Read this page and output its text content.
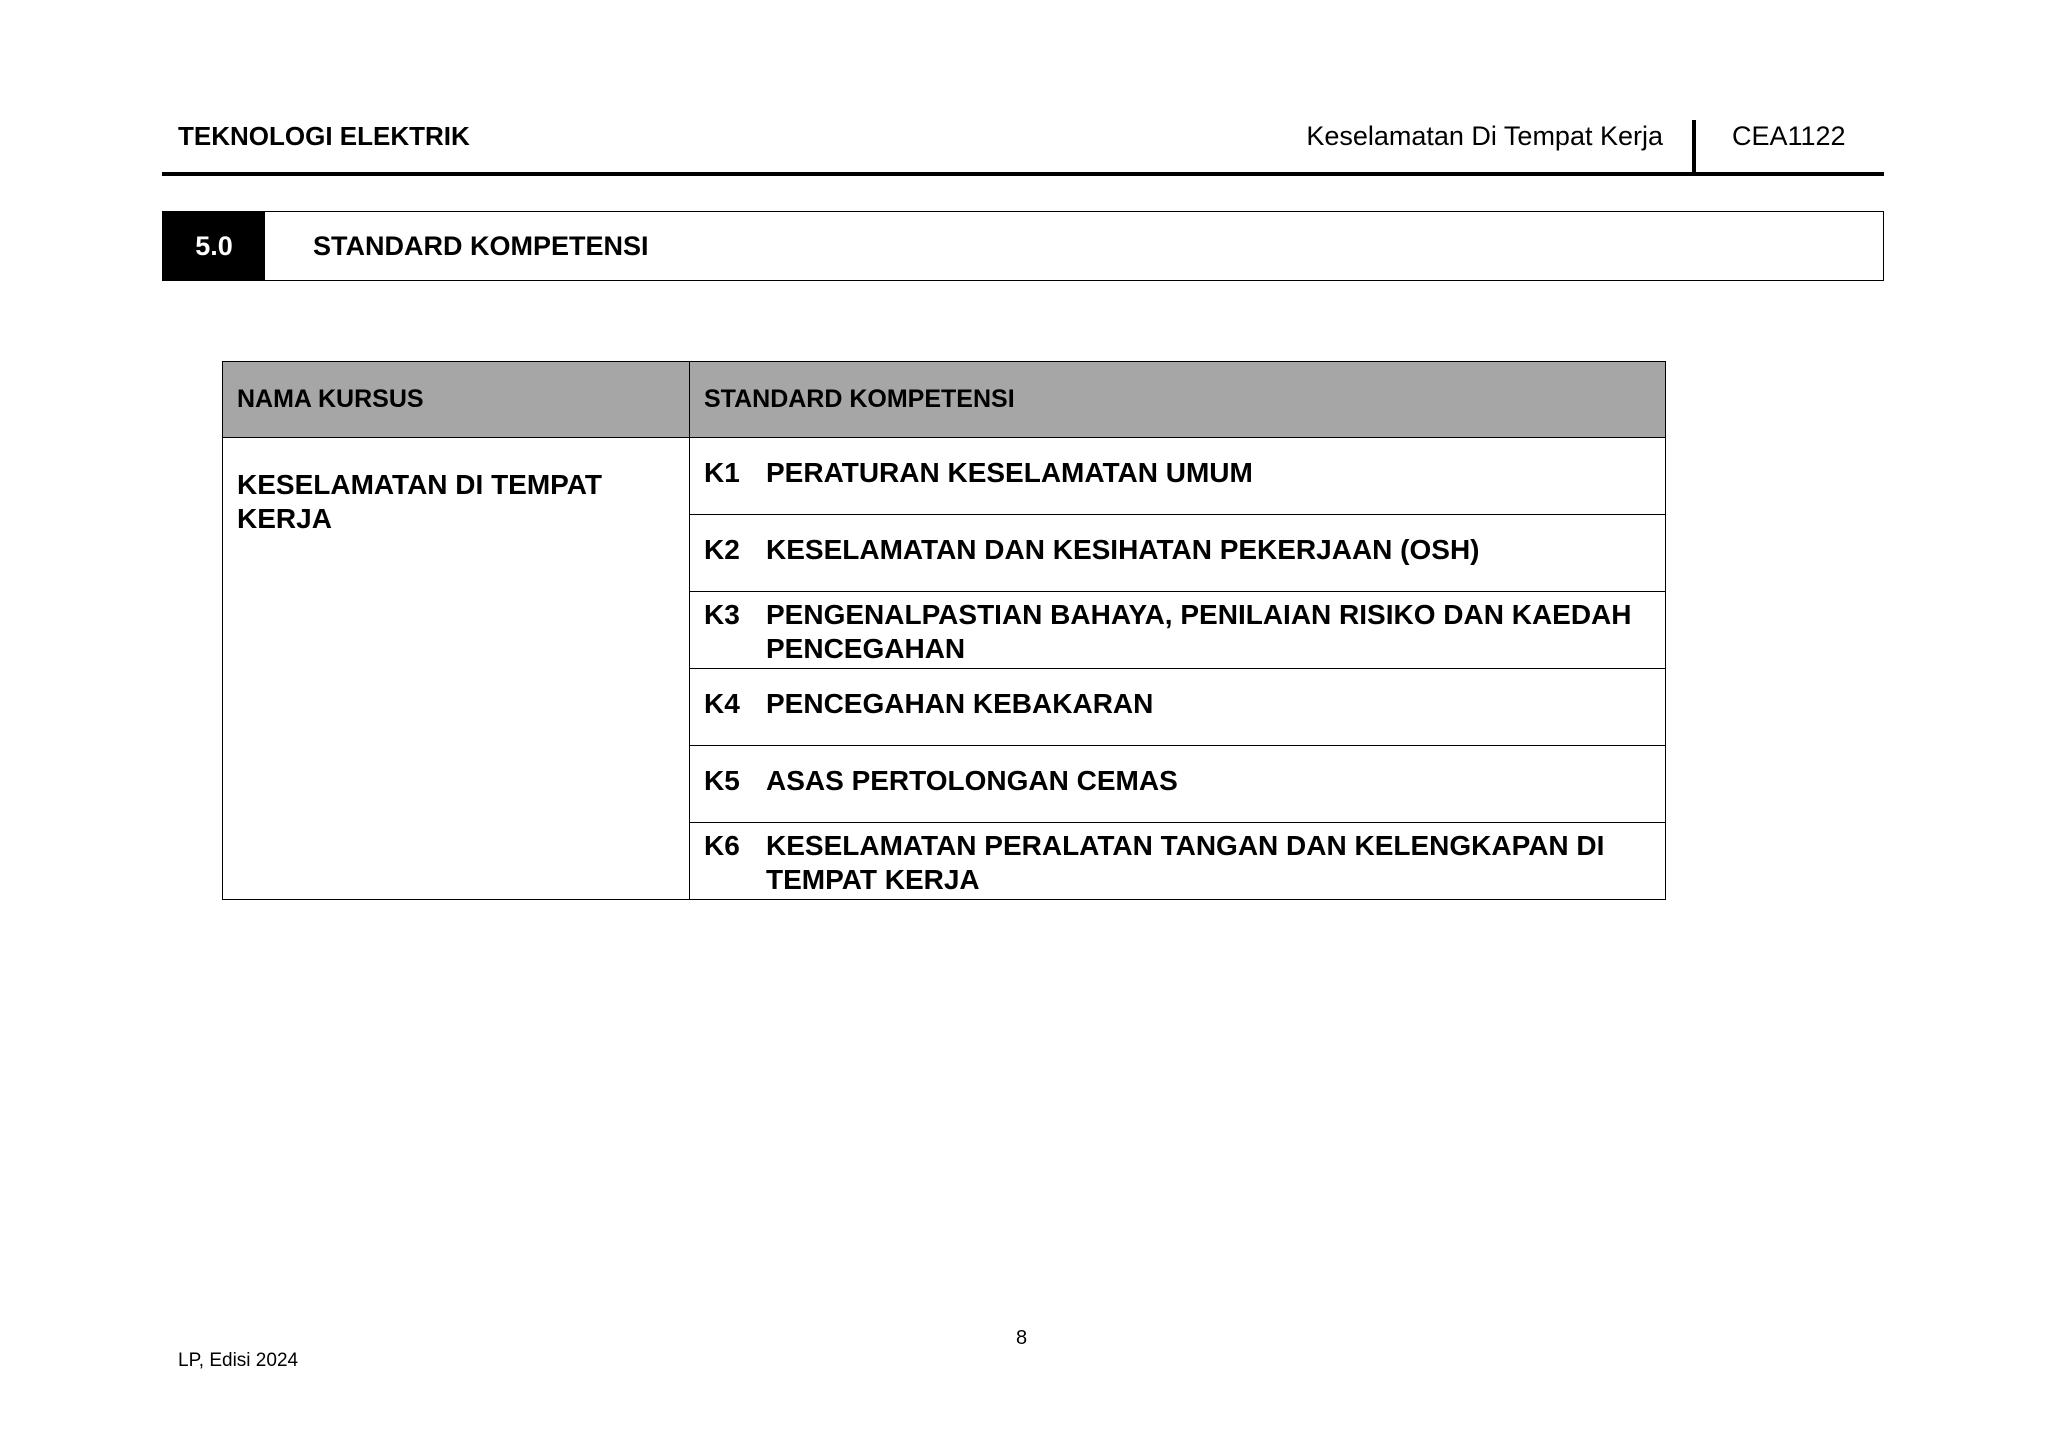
TEKNOLOGI ELEKTRIK	Keselamatan Di Tempat Kerja	CEA1122
5.0	STANDARD KOMPETENSI
NAMA KURSUS	STANDARD KOMPETENSI

KESELAMATAN DI TEMPAT KERJA	K1 PERATURAN KESELAMATAN UMUM

	K2 KESELAMATAN DAN KESIHATAN PEKERJAAN (OSH)

	K3 PENGENALPASTIAN BAHAYA, PENILAIAN RISIKO DAN KAEDAH PENCEGAHAN

	K4 PENCEGAHAN KEBAKARAN

	K5 ASAS PERTOLONGAN CEMAS

	K6 KESELAMATAN PERALATAN TANGAN DAN KELENGKAPAN DI TEMPAT KERJA
8
LP, Edisi 2024
